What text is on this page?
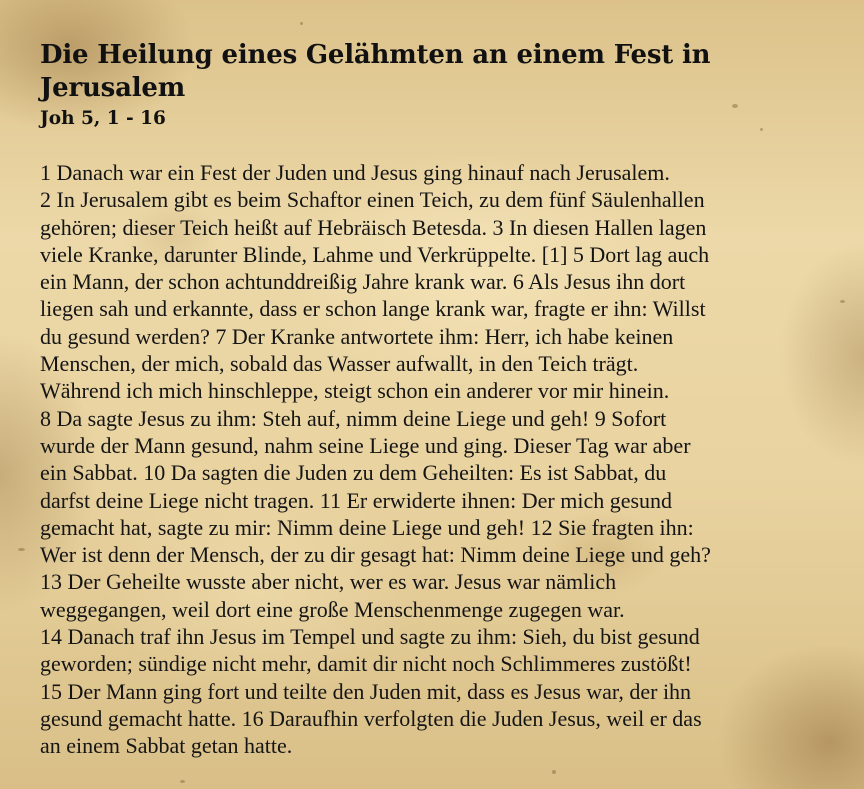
Die Heilung eines Gelähmten an einem Fest in
Jerusalem
Joh 5, 1 - 16
1 Danach war ein Fest der Juden und Jesus ging hinauf nach Jerusalem.
2 In Jerusalem gibt es beim Schaftor einen Teich, zu dem fünf Säulenhallen
gehören; dieser Teich heißt auf Hebräisch Betesda. 3 In diesen Hallen lagen
viele Kranke, darunter Blinde, Lahme und Verkrüppelte. [1] 5 Dort lag auch
ein Mann, der schon achtunddreißig Jahre krank war. 6 Als Jesus ihn dort
liegen sah und erkannte, dass er schon lange krank war, fragte er ihn: Willst
du gesund werden? 7 Der Kranke antwortete ihm: Herr, ich habe keinen
Menschen, der mich, sobald das Wasser aufwallt, in den Teich trägt.
Während ich mich hinschleppe, steigt schon ein anderer vor mir hinein.
8 Da sagte Jesus zu ihm: Steh auf, nimm deine Liege und geh! 9 Sofort
wurde der Mann gesund, nahm seine Liege und ging. Dieser Tag war aber
ein Sabbat. 10 Da sagten die Juden zu dem Geheilten: Es ist Sabbat, du
darfst deine Liege nicht tragen. 11 Er erwiderte ihnen: Der mich gesund
gemacht hat, sagte zu mir: Nimm deine Liege und geh! 12 Sie fragten ihn:
Wer ist denn der Mensch, der zu dir gesagt hat: Nimm deine Liege und geh?
13 Der Geheilte wusste aber nicht, wer es war. Jesus war nämlich
weggegangen, weil dort eine große Menschenmenge zugegen war.
14 Danach traf ihn Jesus im Tempel und sagte zu ihm: Sieh, du bist gesund
geworden; sündige nicht mehr, damit dir nicht noch Schlimmeres zustößt!
15 Der Mann ging fort und teilte den Juden mit, dass es Jesus war, der ihn
gesund gemacht hatte. 16 Daraufhin verfolgten die Juden Jesus, weil er das
an einem Sabbat getan hatte.
